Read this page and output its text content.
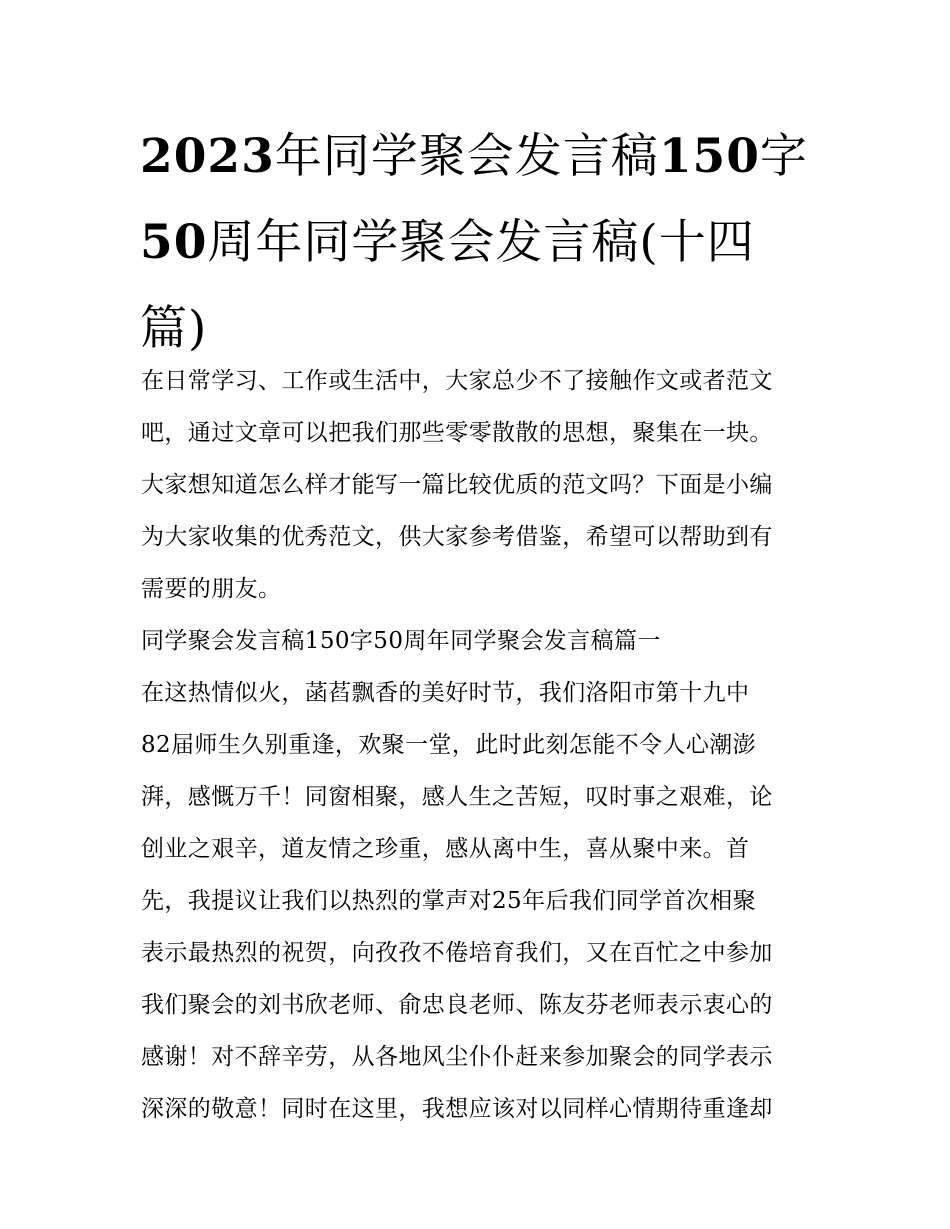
2023年同学聚会发言稿150字
50周年同学聚会发言稿(十四
篇)
在日常学习、工作或生活中，大家总少不了接触作文或者范文
吧，通过文章可以把我们那些零零散散的思想，聚集在一块。
大家想知道怎么样才能写一篇比较优质的范文吗？下面是小编
为大家收集的优秀范文，供大家参考借鉴，希望可以帮助到有
需要的朋友。
同学聚会发言稿150字50周年同学聚会发言稿篇一
在这热情似火，菡萏飘香的美好时节，我们洛阳市第十九中
82届师生久别重逢，欢聚一堂，此时此刻怎能不令人心潮澎
湃，感慨万千！同窗相聚，感人生之苦短，叹时事之艰难，论
创业之艰辛，道友情之珍重，感从离中生，喜从聚中来。首
先，我提议让我们以热烈的掌声对25年后我们同学首次相聚
表示最热烈的祝贺，向孜孜不倦培育我们，又在百忙之中参加
我们聚会的刘书欣老师、俞忠良老师、陈友芬老师表示衷心的
感谢！对不辞辛劳，从各地风尘仆仆赶来参加聚会的同学表示
深深的敬意！同时在这里，我想应该对以同样心情期待重逢却
